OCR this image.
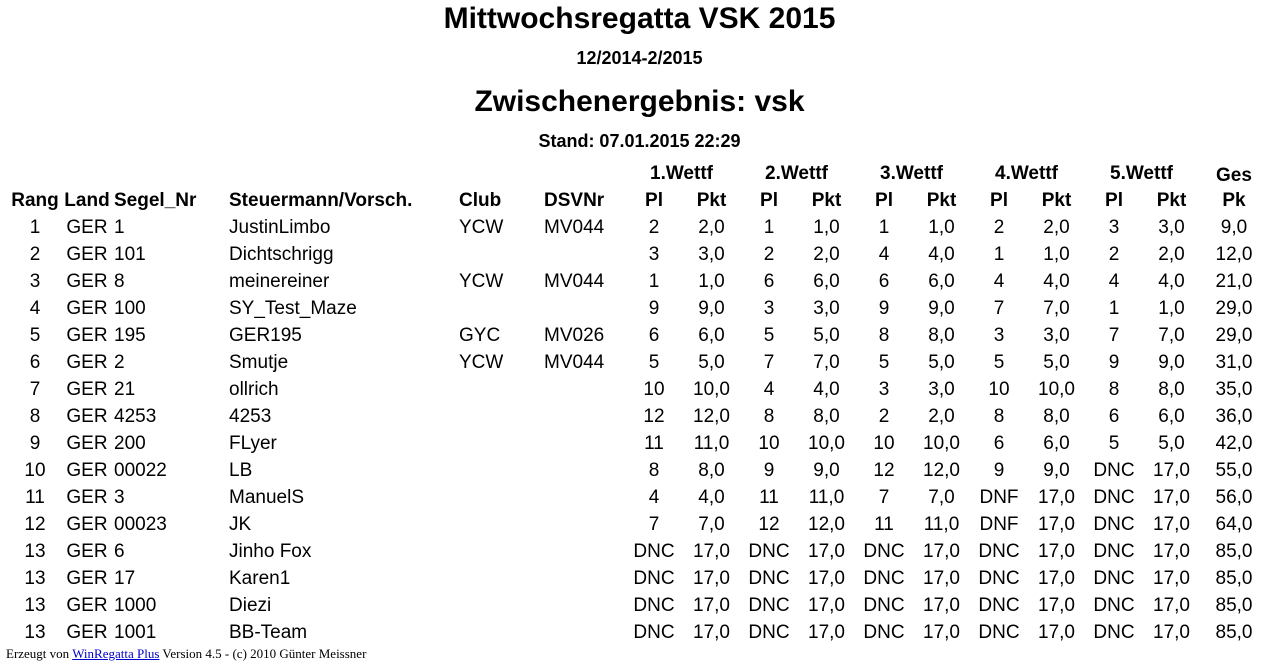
Mittwochsregatta VSK 2015
12/2014-2/2015
Zwischenergebnis: vsk
Stand: 07.01.2015 22:29
						1.Wettf		2.Wettf		3.Wettf		4.Wettf		5.Wettf		Ges
Rang	Land	Segel_Nr	Steuermann/Vorsch.	Club	DSVNr	Pl	Pkt	Pl	Pkt	Pl	Pkt	Pl	Pkt	Pl	Pkt	Pk
1	GER	1	JustinLimbo	YCW	MV044	2	2,0	1	1,0	1	1,0	2	2,0	3	3,0	9,0
2	GER	101	Dichtschrigg			3	3,0	2	2,0	4	4,0	1	1,0	2	2,0	12,0
3	GER	8	meinereiner	YCW	MV044	1	1,0	6	6,0	6	6,0	4	4,0	4	4,0	21,0
4	GER	100	SY_Test_Maze			9	9,0	3	3,0	9	9,0	7	7,0	1	1,0	29,0
5	GER	195	GER195	GYC	MV026	6	6,0	5	5,0	8	8,0	3	3,0	7	7,0	29,0
6	GER	2	Smutje	YCW	MV044	5	5,0	7	7,0	5	5,0	5	5,0	9	9,0	31,0
7	GER	21	ollrich			10	10,0	4	4,0	3	3,0	10	10,0	8	8,0	35,0
8	GER	4253	4253			12	12,0	8	8,0	2	2,0	8	8,0	6	6,0	36,0
9	GER	200	FLyer			11	11,0	10	10,0	10	10,0	6	6,0	5	5,0	42,0
10	GER	00022	LB			8	8,0	9	9,0	12	12,0	9	9,0	DNC	17,0	55,0
11	GER	3	ManuelS			4	4,0	11	11,0	7	7,0	DNF	17,0	DNC	17,0	56,0
12	GER	00023	JK			7	7,0	12	12,0	11	11,0	DNF	17,0	DNC	17,0	64,0
13	GER	6	Jinho Fox			DNC	17,0	DNC	17,0	DNC	17,0	DNC	17,0	DNC	17,0	85,0
13	GER	17	Karen1			DNC	17,0	DNC	17,0	DNC	17,0	DNC	17,0	DNC	17,0	85,0
13	GER	1000	Diezi			DNC	17,0	DNC	17,0	DNC	17,0	DNC	17,0	DNC	17,0	85,0
13	GER	1001	BB-Team			DNC	17,0	DNC	17,0	DNC	17,0	DNC	17,0	DNC	17,0	85,0
Erzeugt von WinRegatta Plus Version 4.5 - (c) 2010 Günter Meissner
